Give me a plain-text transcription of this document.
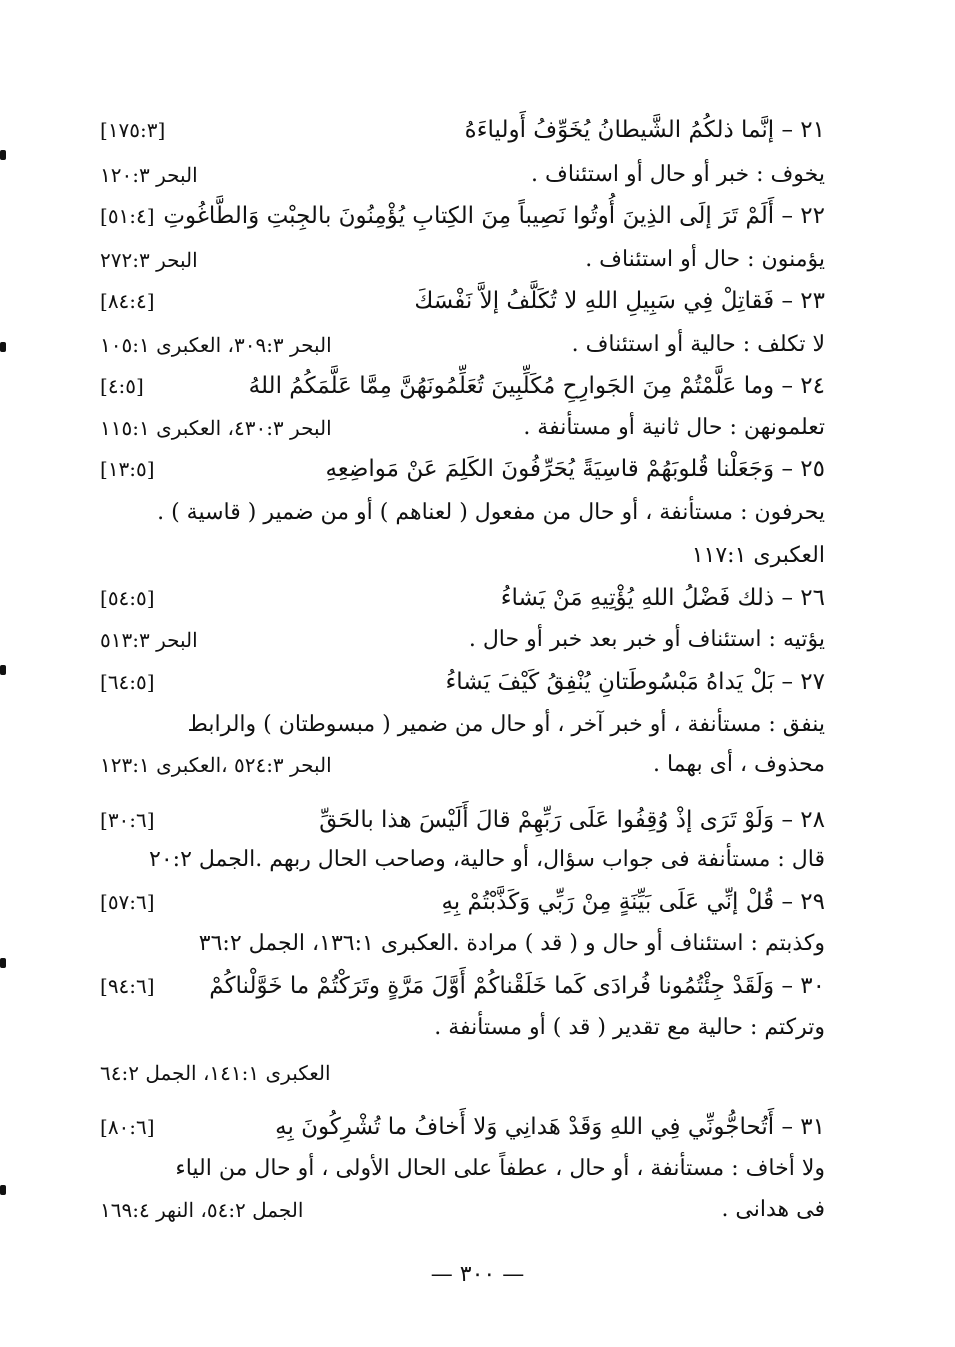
٢١ – إنَّما ذلكُمُ الشَّيطانُ يُخَوِّفُ أَولياءَهُ
[١٧٥:٣]
يخوف : خبر أو حال أو استئناف .
البحر ١٢٠:٣
٢٢ – أَلَمْ تَرَ إلَى الذِينَ أُوتُوا نَصِيباً مِنَ الكِتابِ يُؤْمِنُونَ بالجِبْتِ وَالطَّاغُوتِ
[٥١:٤]
يؤمنون : حال أو استئناف .
البحر ٢٧٢:٣
٢٣ – فَقاتِلْ فِي سَبِيلِ اللهِ لا تُكَلَّفُ إلاَّ نَفْسَكَ
[٨٤:٤]
لا تكلف : حالية أو استئناف .
البحر ٣٠٩:٣، العكبرى ١٠٥:١
٢٤ – وما عَلَّمْتُمْ مِنَ الجَوارِحِ مُكَلِّبِينَ تُعَلِّمُونَهُنَّ مِمَّا عَلَّمَكُمُ اللهُ
[٤:٥]
تعلمونهن : حال ثانية أو مستأنفة .
البحر ٤٣٠:٣، العكبرى ١١٥:١
٢٥ – وَجَعَلْنا قُلوبَهُمْ قاسِيَةً يُحَرِّفُونَ الكَلِمَ عَنْ مَواضِعِهِ
[١٣:٥]
يحرفون : مستأنفة ، أو حال من مفعول ( لعناهم ) أو من ضمير ( قاسية ) .
العكبرى ١١٧:١
٢٦ – ذلك فَضْلُ اللهِ يُؤْتِيهِ مَنْ يَشاءُ
[٥٤:٥]
يؤتيه : استئناف أو خبر بعد خبر أو حال .
البحر ٥١٣:٣
٢٧ – بَلْ يَداهُ مَبْسُوطَتانِ يُنْفِقُ كَيْفَ يَشاءُ
[٦٤:٥]
ينفق : مستأنفة ، أو خبر آخر ، أو حال من ضمير ( مبسوطتان ) والرابط
محذوف ، أى بهما .
البحر ٥٢٤:٣ ،العكبرى ١٢٣:١
٢٨ – وَلَوْ تَرَى إذْ وُقِفُوا عَلَى رَبِّهِمْ قالَ أَلَيْسَ هذا بالحَقِّ
[٣٠:٦]
قال : مستأنفة فى جواب سؤال، أو حالية، وصاحب الحال ربهم .الجمل ٢٠:٢
٢٩ – قُلْ إنِّي عَلَى بَيِّنَةٍ مِنْ رَبِّي وَكَذَّبْتُمْ بِهِ
[٥٧:٦]
وكذبتم : استئناف أو حال و ( قد ) مرادة .العكبرى ١٣٦:١، الجمل ٣٦:٢
٣٠ – وَلَقَدْ جِئْتُمُونا فُرادَى كَما خَلَقْناكُمْ أَوَّلَ مَرَّةٍ وتَرَكْتُمْ ما خَوَّلْناكُمْ
[٩٤:٦]
وتركتم : حالية مع تقدير ( قد ) أو مستأنفة .
العكبرى ١٤١:١، الجمل ٦٤:٢
٣١ – أَتُحاجُّونِّي فِي اللهِ وَقَدْ هَدانِي وَلا أَخافُ ما تُشْرِكُونَ بِهِ
[٨٠:٦]
ولا أخاف : مستأنفة ، أو حال ، عطفاً على الحال الأولى ، أو حال من الياء
فى هدانى .
الجمل ٥٤:٢، النهر ١٦٩:٤
— ٣٠٠ —
